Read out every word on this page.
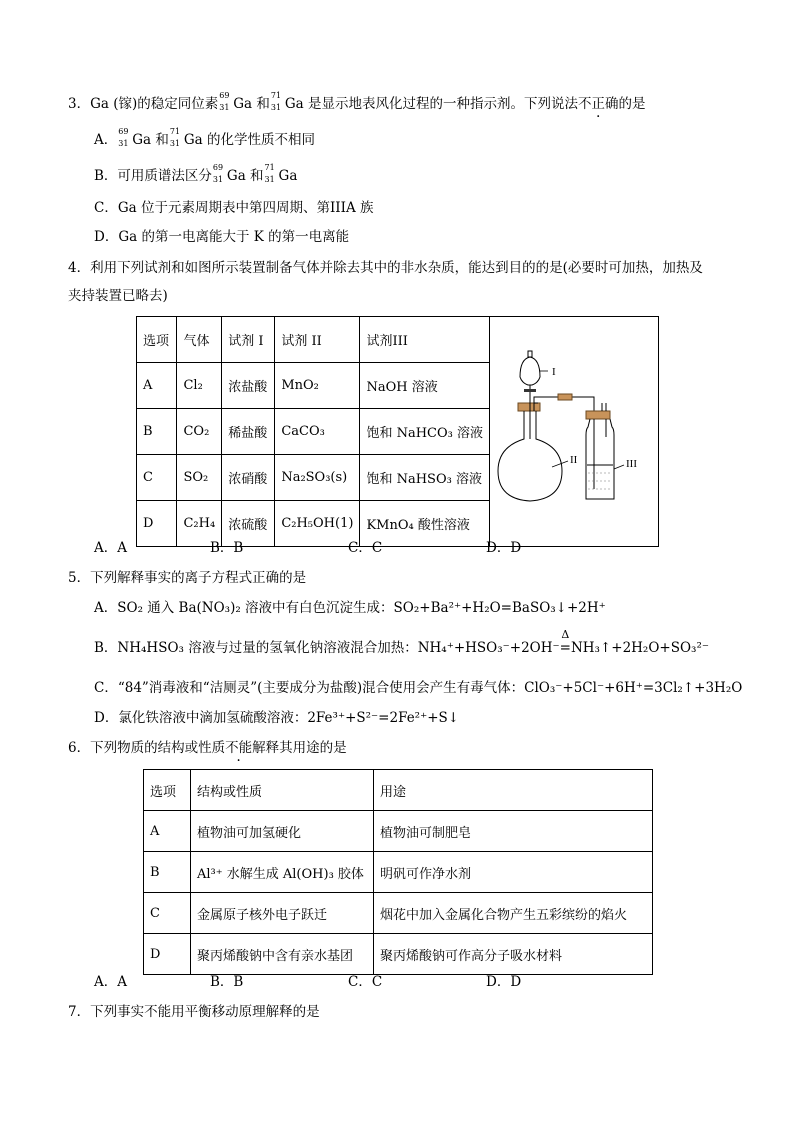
3．Ga (镓)的稳定同位素
69
31 Ga 和
71
31 Ga 是显示地表风化过程的一种指示剂。下列说法不正确的是
A．
69
31 Ga 和
71
31 Ga 的化学性质不相同
B．可用质谱法区分
69
31 Ga 和
71
31 Ga
C．Ga 位于元素周期表中第四周期、第IIIA 族
D．Ga 的第一电离能大于 K 的第一电离能
4．利用下列试剂和如图所示装置制备气体并除去其中的非水杂质，能达到目的的是(必要时可加热，加热及
夹持装置已略去)
选项	气体	试剂 I	试剂 II	试剂III	I
II III

A	Cl₂	浓盐酸	MnO₂	NaOH 溶液	
B	CO₂	稀盐酸	CaCO₃	饱和 NaHCO₃ 溶液	
C	SO₂	浓硝酸	Na₂SO₃(s)	饱和 NaHSO₃ 溶液	
D	C₂H₄	浓硫酸	C₂H₅OH(1)	KMnO₄ 酸性溶液	
A．A	B．B	C．C	D．D
5．下列解释事实的离子方程式正确的是
A．SO₂ 通入 Ba(NO₃)₂ 溶液中有白色沉淀生成：SO₂+Ba²⁺+H₂O=BaSO₃↓+2H⁺
B．NH₄HSO₃ 溶液与过量的氢氧化钠溶液混合加热：NH₄⁺+HSO₃⁻+2OH⁻
Δ
=NH₃↑+2H₂O+SO₃²⁻
C．“84”消毒液和“洁厕灵”(主要成分为盐酸)混合使用会产生有毒气体：ClO₃⁻+5Cl⁻+6H⁺=3Cl₂↑+3H₂O
D．氯化铁溶液中滴加氢硫酸溶液：2Fe³⁺+S²⁻=2Fe²⁺+S↓
6．下列物质的结构或性质不能解释其用途的是
选项	结构或性质	用途
A	植物油可加氢硬化	植物油可制肥皂
B	Al³⁺ 水解生成 Al(OH)₃ 胶体	明矾可作净水剂
C	金属原子核外电子跃迁	烟花中加入金属化合物产生五彩缤纷的焰火
D	聚丙烯酸钠中含有亲水基团	聚丙烯酸钠可作高分子吸水材料
A．A	B．B	C．C	D．D
7．下列事实不能用平衡移动原理解释的是
